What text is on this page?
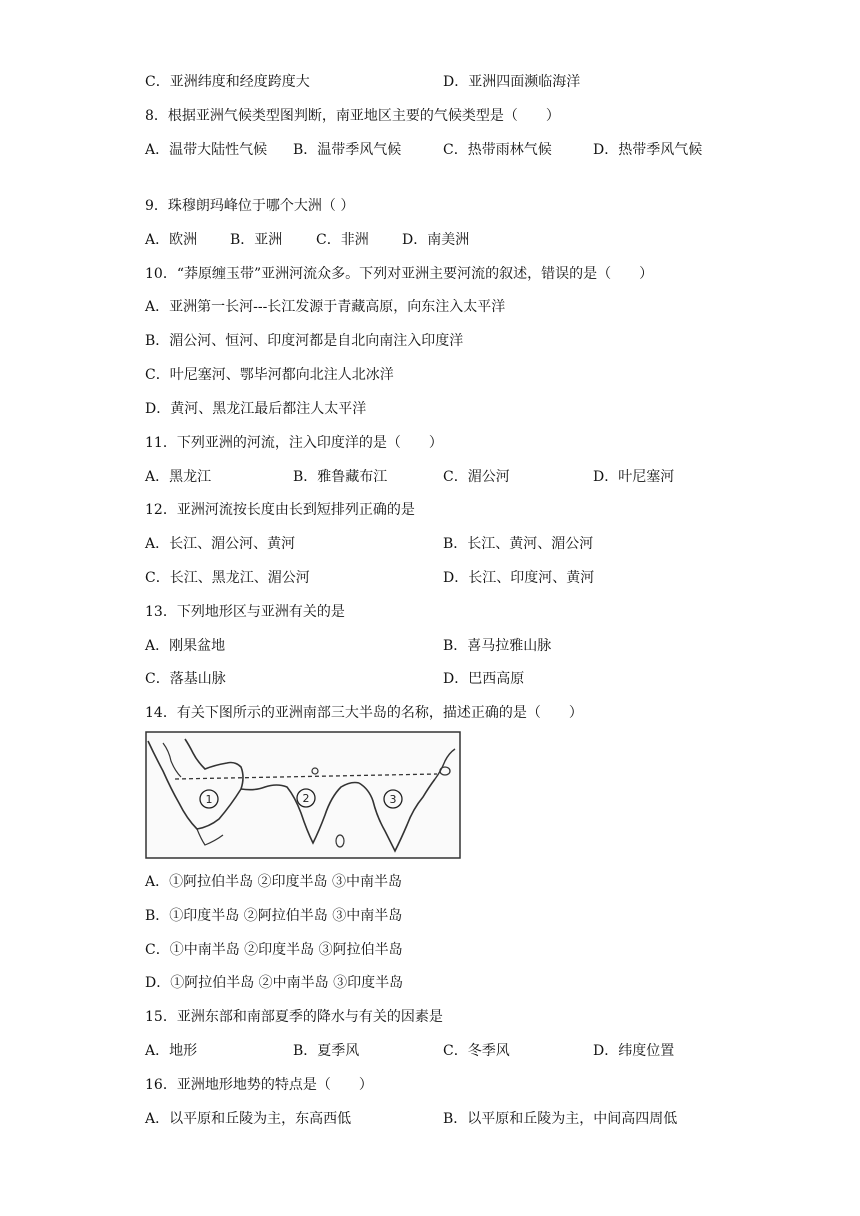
C．亚洲纬度和经度跨度大	D．亚洲四面濒临海洋
8．根据亚洲气候类型图判断，南亚地区主要的气候类型是（　　）
A．温带大陆性气候 B．温带季风气候	C．热带雨林气候	D．热带季风气候
9．珠穆朗玛峰位于哪个大洲（ ）
A．欧洲 B．亚洲 C．非洲 D．南美洲
10．“莽原缠玉带”亚洲河流众多。下列对亚洲主要河流的叙述，错误的是（　　）
A．亚洲第一长河---长江发源于青藏高原，向东注入太平洋
B．湄公河、恒河、印度河都是自北向南注入印度洋
C．叶尼塞河、鄂毕河都向北注人北冰洋
D．黄河、黑龙江最后都注人太平洋
11．下列亚洲的河流，注入印度洋的是（　　）
A．黑龙江	B．雅鲁藏布江	C．湄公河	D．叶尼塞河
12．亚洲河流按长度由长到短排列正确的是
A．长江、湄公河、黄河	B．长江、黄河、湄公河
C．长江、黑龙江、湄公河	D．长江、印度河、黄河
13．下列地形区与亚洲有关的是
A．刚果盆地	B．喜马拉雅山脉
C．落基山脉	D．巴西高原
14．有关下图所示的亚洲南部三大半岛的名称，描述正确的是（　　）
1	2	3
A．①阿拉伯半岛 ②印度半岛 ③中南半岛
B．①印度半岛 ②阿拉伯半岛 ③中南半岛
C．①中南半岛 ②印度半岛 ③阿拉伯半岛
D．①阿拉伯半岛 ②中南半岛 ③印度半岛
15．亚洲东部和南部夏季的降水与有关的因素是
A．地形	B．夏季风	C．冬季风	D．纬度位置
16．亚洲地形地势的特点是（　　）
A．以平原和丘陵为主，东高西低	B．以平原和丘陵为主，中间高四周低
